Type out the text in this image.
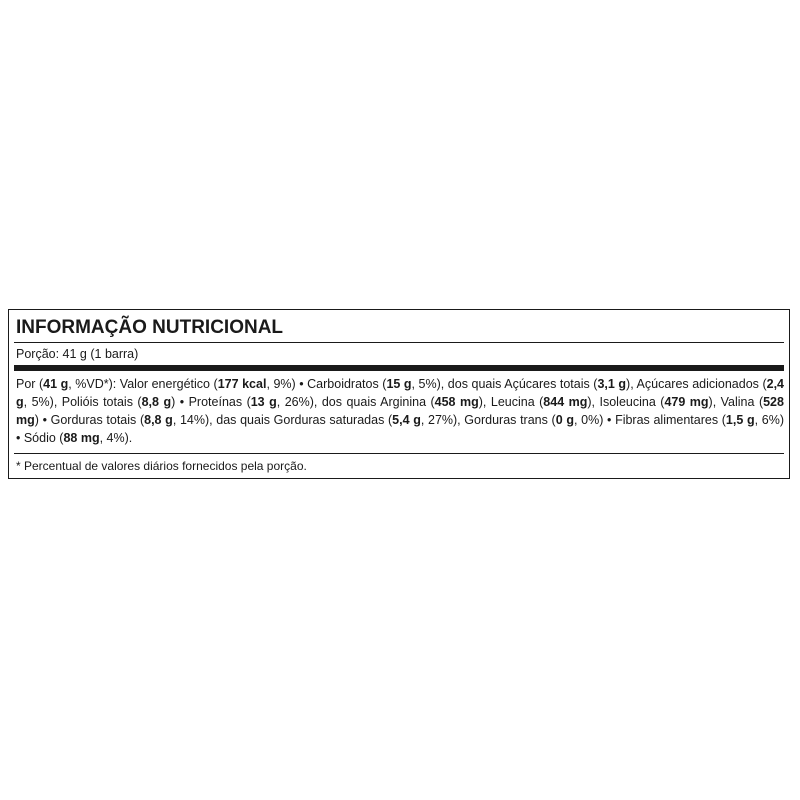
INFORMAÇÃO NUTRICIONAL
Porção: 41 g (1 barra)
Por (41 g, %VD*): Valor energético (177 kcal, 9%) • Carboidratos (15 g, 5%), dos quais Açúcares totais (3,1 g), Açúcares adicionados (2,4 g, 5%), Polióis totais (8,8 g) • Proteínas (13 g, 26%), dos quais Arginina (458 mg), Leucina (844 mg), Isoleucina (479 mg), Valina (528 mg) • Gorduras totais (8,8 g, 14%), das quais Gorduras saturadas (5,4 g, 27%), Gorduras trans (0 g, 0%) • Fibras alimentares (1,5 g, 6%) • Sódio (88 mg, 4%).
* Percentual de valores diários fornecidos pela porção.
